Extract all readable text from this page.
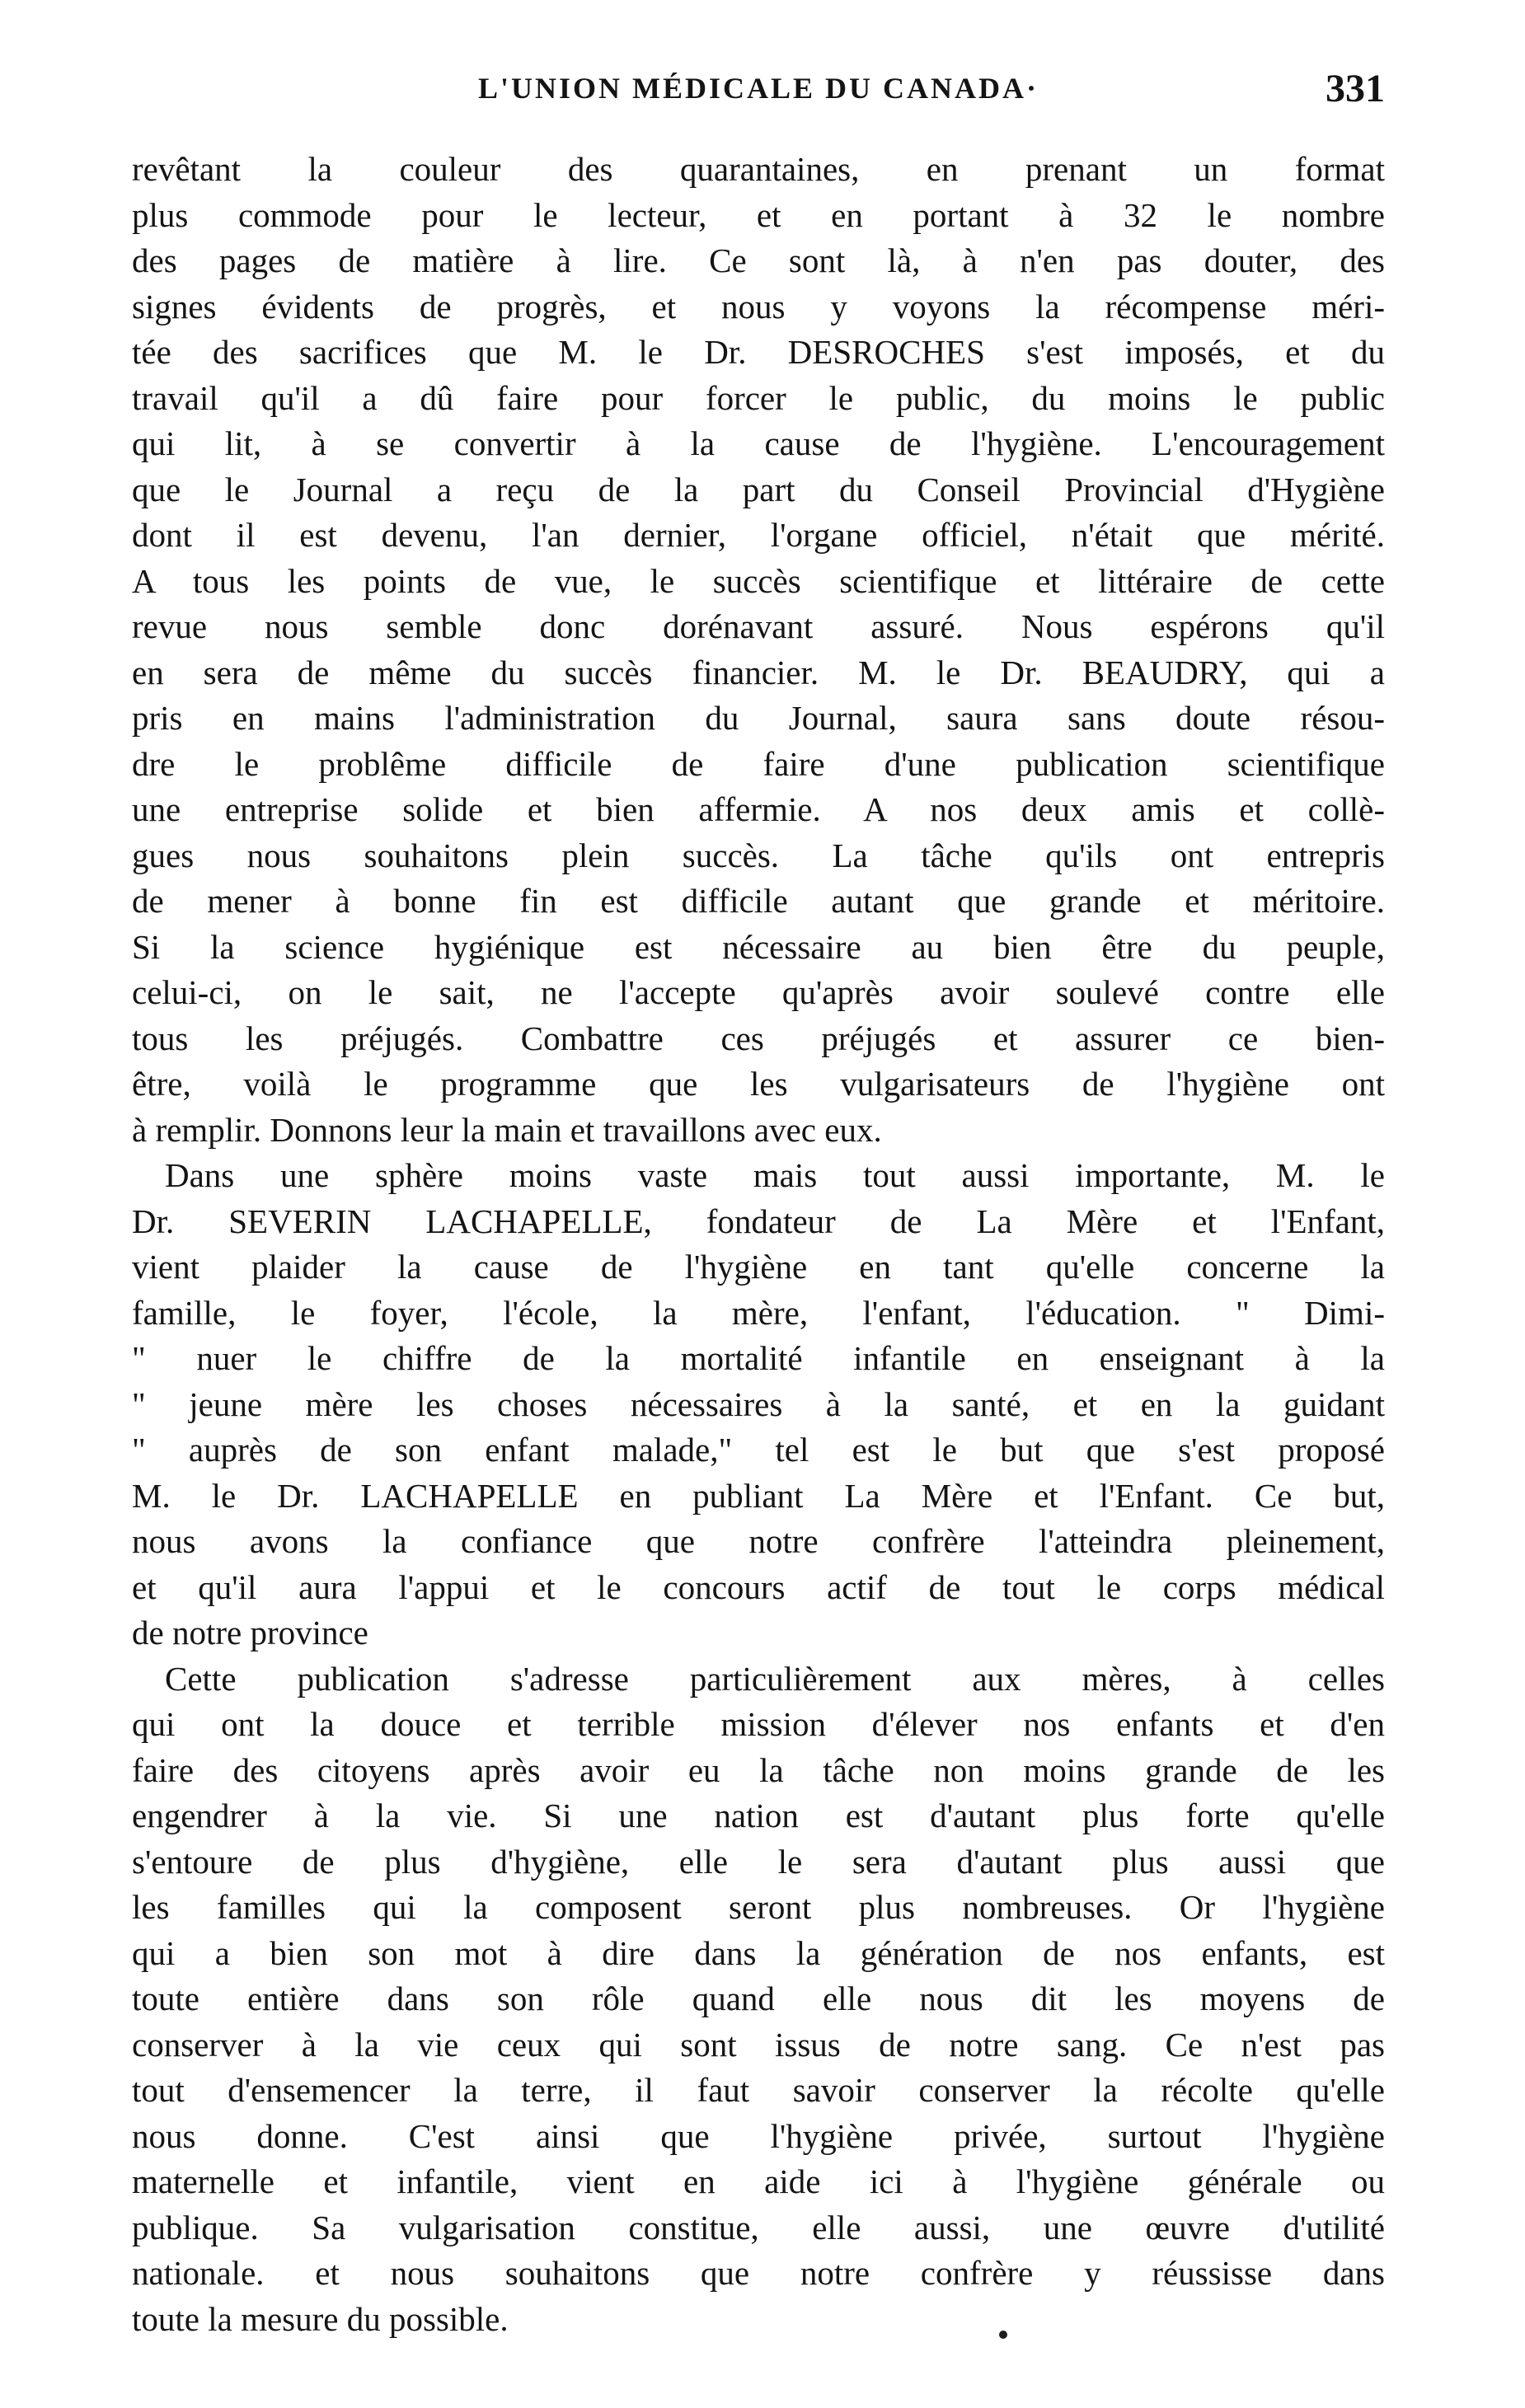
L'UNION MÉDICALE DU CANADA·	331
revêtant la couleur des quarantaines, en prenant un format
plus commode pour le lecteur, et en portant à 32 le nombre
des pages de matière à lire. Ce sont là, à n'en pas douter, des
signes évidents de progrès, et nous y voyons la récompense méri-
tée des sacrifices que M. le Dr. DESROCHES s'est imposés, et du
travail qu'il a dû faire pour forcer le public, du moins le public
qui lit, à se convertir à la cause de l'hygiène. L'encouragement
que le Journal a reçu de la part du Conseil Provincial d'Hygiène
dont il est devenu, l'an dernier, l'organe officiel, n'était que mérité.
A tous les points de vue, le succès scientifique et littéraire de cette
revue nous semble donc dorénavant assuré. Nous espérons qu'il
en sera de même du succès financier. M. le Dr. BEAUDRY, qui a
pris en mains l'administration du Journal, saura sans doute résou-
dre le problême difficile de faire d'une publication scientifique
une entreprise solide et bien affermie. A nos deux amis et collè-
gues nous souhaitons plein succès. La tâche qu'ils ont entrepris
de mener à bonne fin est difficile autant que grande et méritoire.
Si la science hygiénique est nécessaire au bien être du peuple,
celui-ci, on le sait, ne l'accepte qu'après avoir soulevé contre elle
tous les préjugés. Combattre ces préjugés et assurer ce bien-
être, voilà le programme que les vulgarisateurs de l'hygiène ont
à remplir. Donnons leur la main et travaillons avec eux.
Dans une sphère moins vaste mais tout aussi importante, M. le
Dr. SEVERIN LACHAPELLE, fondateur de La Mère et l'Enfant,
vient plaider la cause de l'hygiène en tant qu'elle concerne la
famille, le foyer, l'école, la mère, l'enfant, l'éducation. " Dimi-
" nuer le chiffre de la mortalité infantile en enseignant à la
" jeune mère les choses nécessaires à la santé, et en la guidant
" auprès de son enfant malade," tel est le but que s'est proposé
M. le Dr. LACHAPELLE en publiant La Mère et l'Enfant. Ce but,
nous avons la confiance que notre confrère l'atteindra pleinement,
et qu'il aura l'appui et le concours actif de tout le corps médical
de notre province
Cette publication s'adresse particulièrement aux mères, à celles
qui ont la douce et terrible mission d'élever nos enfants et d'en
faire des citoyens après avoir eu la tâche non moins grande de les
engendrer à la vie. Si une nation est d'autant plus forte qu'elle
s'entoure de plus d'hygiène, elle le sera d'autant plus aussi que
les familles qui la composent seront plus nombreuses. Or l'hygiène
qui a bien son mot à dire dans la génération de nos enfants, est
toute entière dans son rôle quand elle nous dit les moyens de
conserver à la vie ceux qui sont issus de notre sang. Ce n'est pas
tout d'ensemencer la terre, il faut savoir conserver la récolte qu'elle
nous donne. C'est ainsi que l'hygiène privée, surtout l'hygiène
maternelle et infantile, vient en aide ici à l'hygiène générale ou
publique. Sa vulgarisation constitue, elle aussi, une œuvre d'utilité
nationale. et nous souhaitons que notre confrère y réussisse dans
toute la mesure du possible.
